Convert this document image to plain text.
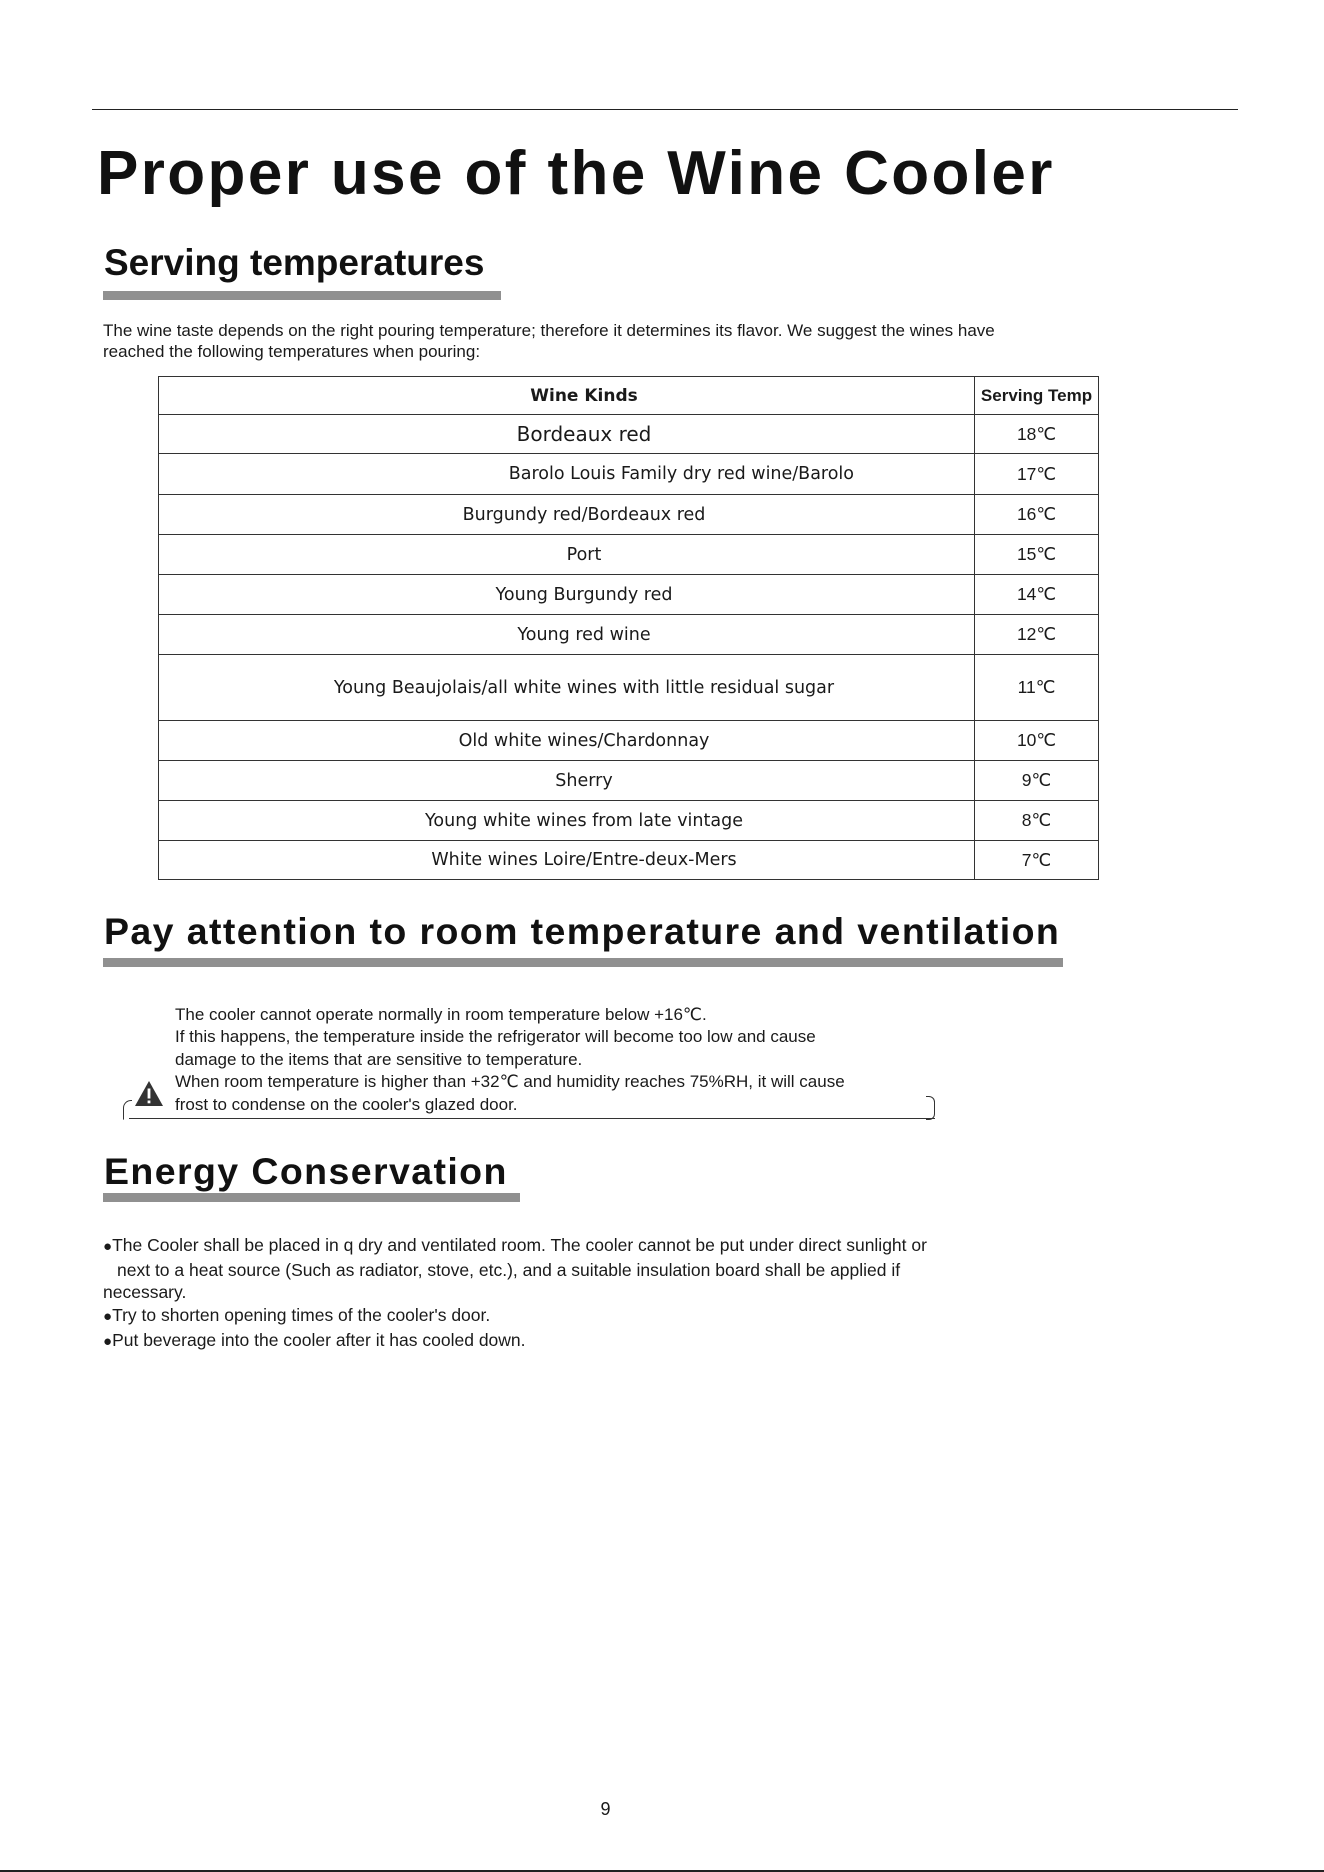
Proper use of the Wine Cooler
Serving temperatures

The wine taste depends on the right pouring temperature; therefore it determines its flavor. We suggest the wines have
reached the following temperatures when pouring:

Wine Kinds	Serving Temp
Bordeaux red	18℃
Barolo Louis Family dry red wine/Barolo	17℃
Burgundy red/Bordeaux red	16℃
Port	15℃
Young Burgundy red	14℃
Young red wine	12℃
Young Beaujolais/all white wines with little residual sugar	11℃
Old white wines/Chardonnay	10℃
Sherry	9℃
Young white wines from late vintage	8℃
White wines Loire/Entre-deux-Mers	7℃
Pay attention to room temperature and ventilation

The cooler cannot operate normally in room temperature below +16℃.
If this happens, the temperature inside the refrigerator will become too low and cause
damage to the items that are sensitive to temperature.
When room temperature is higher than +32℃ and humidity reaches 75%RH, it will cause
frost to condense on the cooler's glazed door.

Energy Conservation
●The Cooler shall be placed in q dry and ventilated room. The cooler cannot be put under direct sunlight or
next to a heat source (Such as radiator, stove, etc.), and a suitable insulation board shall be applied if
necessary.
●Try to shorten opening times of the cooler's door.
●Put beverage into the cooler after it has cooled down.
9
